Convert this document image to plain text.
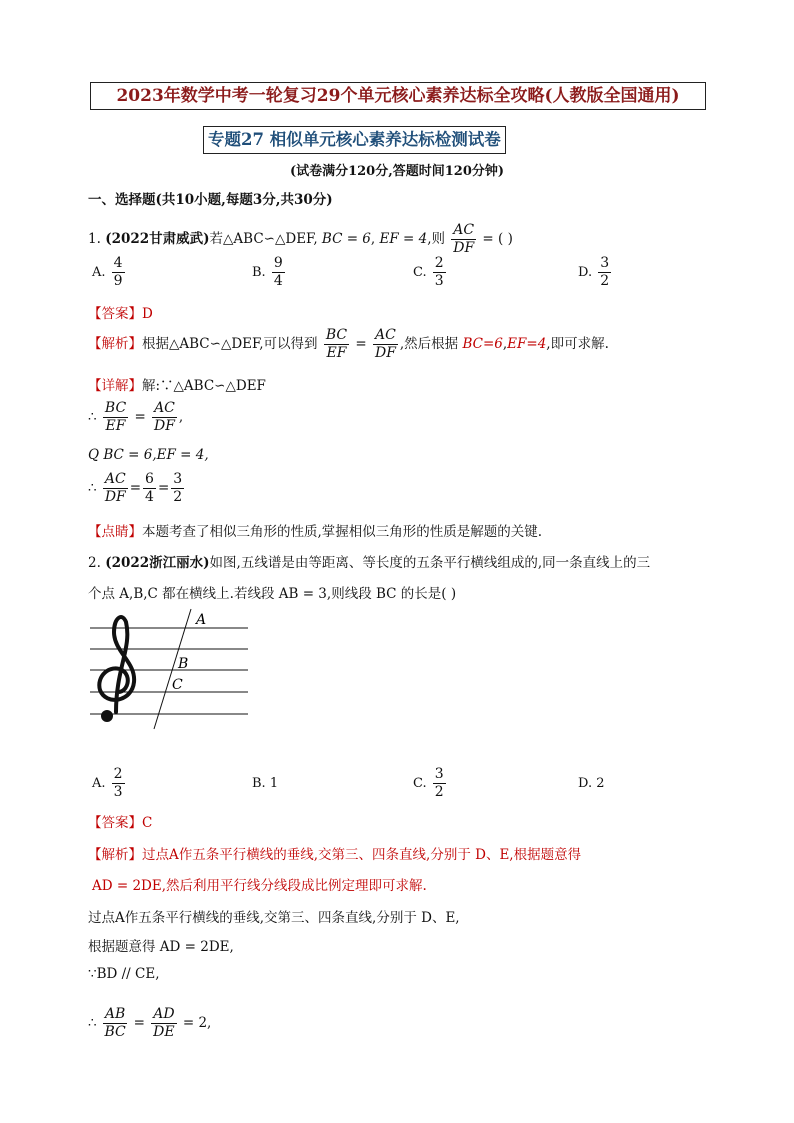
2023年数学中考一轮复习29个单元核心素养达标全攻略(人教版全国通用)
专题27 相似单元核心素养达标检测试卷
(试卷满分120分,答题时间120分钟)
一、选择题(共10小题,每题3分,共30分)
1. (2022甘肃威武)若△ABC∽△DEF, BC = 6, EF = 4,则 $\frac{AC}{DF}$ = ( )
A. $\frac{4}{9}$	B. $\frac{9}{4}$	C. $\frac{2}{3}$	D. $\frac{3}{2}$
【答案】D
【解析】根据△ABC∽△DEF,可以得到 $\frac{BC}{EF} = \frac{AC}{DF}$ ,然后根据 BC=6,EF=4,即可求解.
【详解】解:∵△ABC∽△DEF
∴ $\frac{BC}{EF} = \frac{AC}{DF}$ ,
Q BC = 6,EF = 4,
∴ $\frac{AC}{DF} = \frac{6}{4} = \frac{3}{2}$
【点睛】本题考查了相似三角形的性质,掌握相似三角形的性质是解题的关键.
2. (2022浙江丽水)如图,五线谱是由等距离、等长度的五条平行横线组成的,同一条直线上的三
个点 A,B,C 都在横线上.若线段 AB = 3,则线段 BC 的长是( )
A
B
C
A. $\frac{2}{3}$	B. 1	C. $\frac{3}{2}$	D. 2
【答案】C
【解析】过点A作五条平行横线的垂线,交第三、四条直线,分别于 D、E,根据题意得
AD = 2DE,然后利用平行线分线段成比例定理即可求解.
过点A作五条平行横线的垂线,交第三、四条直线,分别于 D、E,
根据题意得 AD = 2DE,
∵BD // CE,
∴ $\frac{AB}{BC} = \frac{AD}{DE} = 2$,
